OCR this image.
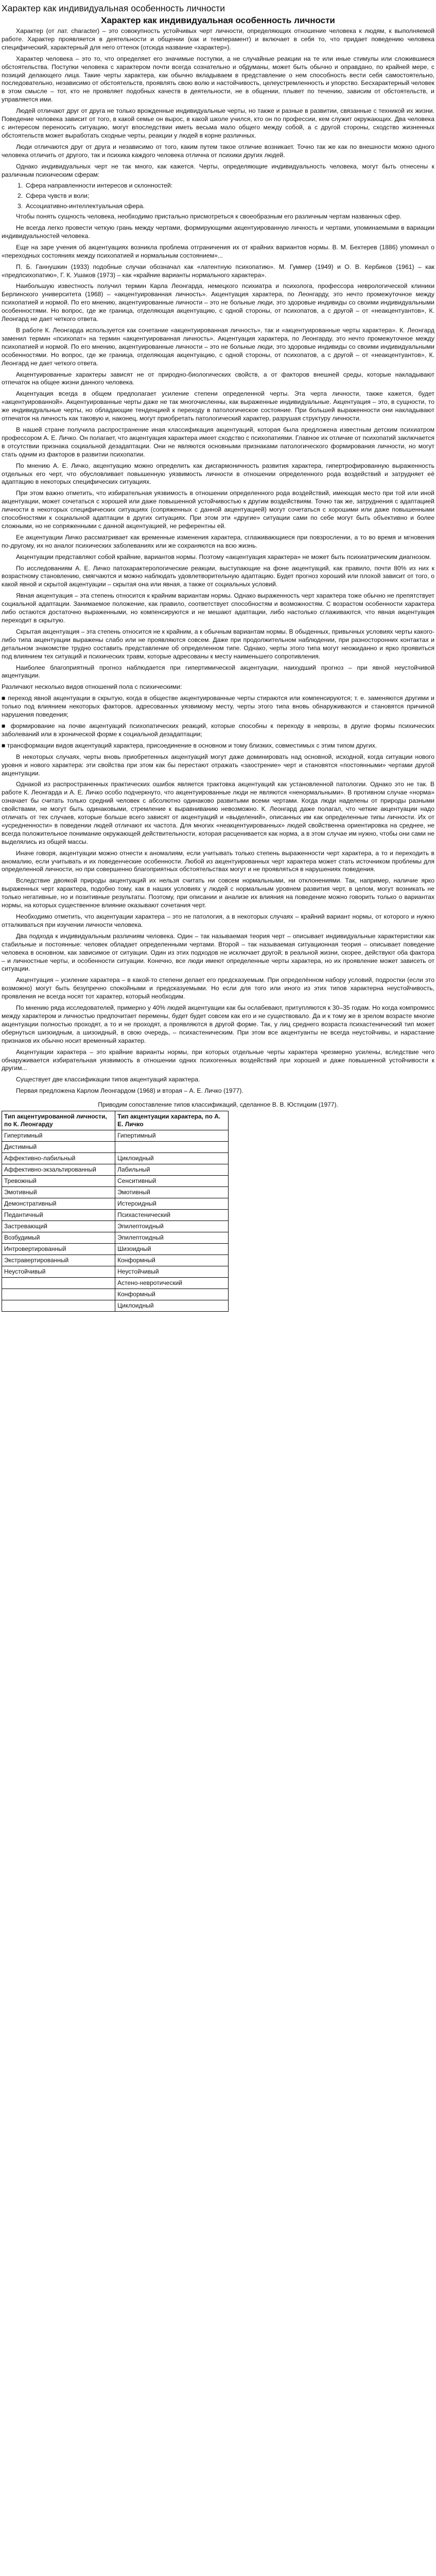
Характер как индивидуальная особенность личности
Характер как индивидуальная особенность личности

Характер (от лат. character) – это совокупность устойчивых черт личности, определяющих отношение человека к людям, к выполняемой работе. Характер проявляется в деятельности и общении (как и темперамент) и включает в себя то, что придает поведению человека специфический, характерный для него оттенок (отсюда название «характер»).

Характер человека – это то, что определяет его значимые поступки, а не случайные реакции на те или иные стимулы или сложившиеся обстоятельства. Поступки человека с характером почти всегда сознательно и обдуманы, может быть обычно и оправдано, по крайней мере, с позиций делающего лица. Такие черты характера, как обычно вкладываем в представление о нем способность вести себя самостоятельно, последовательно, независимо от обстоятельств, проявлять свою волю и настойчивость, целеустремленность и упорство. Бесхарактерный человек в этом смысле – тот, кто не проявляет подобных качеств в деятельности, не в общении, плывет по течению, зависим от обстоятельств, и управляется ими.

Людей отличают друг от друга не только врожденные индивидуальные черты, но также и разные в развитии, связанные с техникой их жизни. Поведение человека зависит от того, в какой семье он вырос, в какой школе учился, кто он по профессии, кем служит окружающих. Два человека с интересом переносить ситуацию, могут впоследствии иметь весьма мало общего между собой, а с другой стороны, сходство жизненных обстоятельств может выработать сходные черты, реакции у людей в корне различных.

Люди отличаются друг от друга и независимо от того, каким путем такое отличие возникает. Точно так же как по внешности можно одного человека отличить от другого, так и психика каждого человека отлична от психики других людей.

Однако индивидуальных черт не так много, как кажется. Черты, определяющие индивидуальность человека, могут быть отнесены к различным психическим сферам:

1. Сфера направленности интересов и склонностей:
2. Сфера чувств и воли;
3. Ассоциативно-интеллектуальная сфера.

Чтобы понять сущность человека, необходимо пристально присмотреться к своеобразным его различным чертам названных сфер.

Не всегда легко провести четкую грань между чертами, формирующими акцентуированную личность и чертами, упоминаемыми в вариации индивидуальностей человека.

Еще на заре учения об акцентуациях возникла проблема отграничения их от крайних вариантов нормы. В. М. Бехтерев (1886) упоминал о «переходных состояниях между психопатией и нормальным состоянием»...

П. Б. Ганнушкин (1933) подобные случаи обозначал как «латентную психопатию». М. Гуммер (1949) и О. В. Кербиков (1961) – как «предпсихопатию», Г. К. Ушаков (1973) – как «крайние варианты нормального характера».

Наибольшую известность получил термин Карла Леонгарда, немецкого психиатра и психолога, профессора неврологической клиники Берлинского университета (1968) – «акцентуированная личность». Акцентуация характера, по Леонгарду, это нечто промежуточное между психопатией и нормой. По его мнению, акцентуированные личности – это не больные люди, это здоровые индивиды со своими индивидуальными особенностями. Но вопрос, где же граница, отделяющая акцентуацию, с одной стороны, от психопатов, а с другой – от «неакцентуантов», К. Леонгард не дает четкого ответа.

В работе К. Леонгарда используется как сочетание «акцентуированная личность», так и «акцентуированные черты характера». К. Леонгард заменил термин «психопат» на термин «акцентуированная личность». Акцентуация характера, по Леонгарду, это нечто промежуточное между психопатией и нормой. По его мнению, акцентуированные личности – это не больные люди, это здоровые индивиды со своими индивидуальными особенностями. Но вопрос, где же граница, отделяющая акцентуацию, с одной стороны, от психопатов, а с другой – от «неакцентуантов», К. Леонгард не дает четкого ответа.

Акцентуированные характеры зависят не от природно-биологических свойств, а от факторов внешней среды, которые накладывают отпечаток на общее жизни данного человека.

Акцентуация всегда в общем предполагает усиление степени определенной черты. Эта черта личности, также кажется, будет «акцентуированной». Акцентуированные черты даже не так многочисленны, как выраженные индивидуальные. Акцентуация – это, в сущности, то же индивидуальные черты, но обладающие тенденцией к переходу в патологическое состояние. При большей выраженности они накладывают отпечаток на личность как таковую и, наконец, могут приобретать патологический характер, разрушая структуру личности.

В нашей стране получила распространение иная классификация акцентуаций, которая была предложена известным детским психиатром профессором А. Е. Личко. Он полагает, что акцентуация характера имеет сходство с психопатиями. Главное их отличие от психопатий заключается в отсутствии признака социальной дезадаптации. Они не являются основными признаками патологического формирования личности, но могут стать одним из факторов в развитии психопатии.

По мнению А. Е. Личко, акцентуацию можно определить как дисгармоничность развития характера, гипертрофированную выраженность отдельных его черт, что обусловливает повышенную уязвимость личности в отношении определенного рода воздействий и затрудняет её адаптацию в некоторых специфических ситуациях.

При этом важно отметить, что избирательная уязвимость в отношении определенного рода воздействий, имеющая место при той или иной акцентуации, может сочетаться с хорошей или даже повышенной устойчивостью к другим воздействиям. Точно так же, затруднения с адаптацией личности в некоторых специфических ситуациях (сопряженных с данной акцентуацией) могут сочетаться с хорошими или даже повышенными способностями к социальной адаптации в других ситуациях. При этом эти «другие» ситуации сами по себе могут быть объективно и более сложными, но не сопряженными с данной акцентуацией, не референтны ей.

Ее акцентуации Личко рассматривает как временные изменения характера, сглаживающиеся при повзрослении, а то во время и мгновения по-другому, их но аналог психических заболеваниях или же сохраняются на всю жизнь.

Акцентуации представляют собой крайние, вариантов нормы. Поэтому «акцентуация характера» не может быть психиатрическим диагнозом.

По исследованиям А. Е. Личко патохарактерологические реакции, выступающие на фоне акцентуаций, как правило, почти 80% из них к возрастному становлению, смягчаются и можно наблюдать удовлетворительную адаптацию. Будет прогноз хороший или плохой зависит от того, о какой явной и скрытой акцентуации – скрытая она или явная, а также от социальных условий.

Явная акцентуация – эта степень относится к крайним вариантам нормы. Однако выраженность черт характера тоже обычно не препятствует социальной адаптации. Занимаемое положение, как правило, соответствует способностям и возможностям. С возрастом особенности характера либо остаются достаточно выраженными, но компенсируются и не мешают адаптации, либо настолько сглаживаются, что явная акцентуация переходит в скрытую.

Скрытая акцентуация – эта степень относится не к крайним, а к обычным вариантам нормы. В обыденных, привычных условиях черты какого-либо типа акцентуации выражены слабо или не проявляются совсем. Даже при продолжительном наблюдении, при разносторонних контактах и детальном знакомстве трудно составить представление об определенном типе. Однако, черты этого типа могут неожиданно и ярко проявиться под влиянием тех ситуаций и психических травм, которые адресованы к месту наименьшего сопротивления.

Наиболее благоприятный прогноз наблюдается при гипертимической акцентуации, наихудший прогноз – при явной неустойчивой акцентуации.

Различают несколько видов отношений пола с психическими:

■ переход явной акцентуации в скрытую, когда в обществе акцентуированные черты стираются или компенсируются; т. е. заменяются другими и только под влиянием некоторых факторов, адресованных уязвимому месту, черты этого типа вновь обнаруживаются и становятся причиной нарушения поведения;

■ формирование на почве акцентуаций психопатических реакций, которые способны к переходу в неврозы, в другие формы психических заболеваний или в хронической форме к социальной дезадаптации;

■ трансформации видов акцентуаций характера, присоединение в основном и тому близких, совместимых с этим типом других.

В некоторых случаях, черты вновь приобретенных акцентуаций могут даже доминировать над основной, исходной, когда ситуации нового уровня и нового характера: эти свойства при этом как бы перестают отражать «заострение» черт и становятся «постоянными» чертами другой акцентуации.

Однакой из распространенных практических ошибок является трактовка акцентуаций как установленной патологии. Однако это не так. В работе К. Леонгарда и А. Е. Личко особо подчеркнуто, что акцентуированные люди не являются «ненормальными». В противном случае «норма» означает бы считать только средний человек с абсолютно одинаково развитыми всеми чертами. Когда люди наделены от природы разными свойствами, не могут быть одинаковыми, стремление к выравниванию невозможно. К. Леонгард даже полагал, что четкие акцентуации надо отличать от тех случаев, которые больше всего зависят от акцентуаций и «выделений», описанных им как определенные типы личности. Их от «усредненности» в поведении людей отличают их частота. Для многих «неакцентуированных» людей свойственна ориентировка на среднее, не всегда положительное понимание окружающей действительности, которая расценивается как норма, а в этом случае им нужно, чтобы они сами не выделялись из общей массы.

Иначе говоря, акцентуации можно отнести к аномалиям, если учитывать только степень выраженности черт характера, а то и переходить в аномалию, если учитывать и их поведенческие особенности. Любой из акцентуированных черт характера может стать источником проблемы для определенной личности, но при совершенно благоприятных обстоятельствах могут и не проявляться в нарушениях поведения.

Вследствие двоякой природы акцентуаций их нельзя считать ни совсем нормальными, ни отклонениями. Так, например, наличие ярко выраженных черт характера, подобно тому, как в наших условиях у людей с нормальным уровнем развития черт, в целом, могут возникать не только негативные, но и позитивные результаты. Поэтому, при описании и анализе их влияния на поведение можно говорить только о вариантах нормы, на которых существенное влияние оказывают сочетания черт.

Необходимо отметить, что акцентуации характера – это не патология, а в некоторых случаях – крайний вариант нормы, от которого и нужно отталкиваться при изучении личности человека.

Два подхода к индивидуальным различиям человека. Один – так называемая теория черт – описывает индивидуальные характеристики как стабильные и постоянные: человек обладает определенными чертами. Второй – так называемая ситуационная теория – описывает поведение человека в основном, как зависимое от ситуации. Один из этих подходов не исключает другой; в реальной жизни, скорее, действуют оба фактора – и личностные черты, и особенности ситуации. Конечно, все люди имеют определенные черты характера, но их проявление может зависеть от ситуации.

Акцентуация – усиление характера – в какой-то степени делает его предсказуемым. При определённом набору условий, подростки (если это возможно) могут быть безупречно спокойными и предсказуемыми. Но если для того или иного из этих типов характерна неустойчивость, проявления не всегда носят тот характер, который необходим.

По мнению ряда исследователей, примерно у 40% людей акцентуации как бы ослабевают, притупляются к 30–35 годам. Но когда компромисс между характером и личностью предпочитает перемены, будет будет совсем как его и не существовало. Да и к тому же в зрелом возрасте многие акцентуации полностью проходят, а то и не проходят, а проявляются в другой форме. Так, у лиц среднего возраста психастенический тип может обернуться шизоидным, а шизоидный, в свою очередь, – психастеническим. При этом все акцентуанты не всегда неустойчивы, и нарастание признаков их обычно носит временный характер.

Акцентуации характера – это крайние варианты нормы, при которых отдельные черты характера чрезмерно усилены, вследствие чего обнаруживается избирательная уязвимость в отношении одних психогенных воздействий при хорошей и даже повышенной устойчивости к другим...

Существует две классификации типов акцентуаций характера.

Первая предложена Карлом Леонгардом (1968) и вторая – А. Е. Личко (1977).

Приводим сопоставление типов классификаций, сделанное В. В. Юстицким (1977).
Тип акцентуированной личности, по К. Леонгарду	Тип акцентуации характера, по А. Е. Личко
Гипертимный	Гипертимный
Дистимный	
Аффективно-лабильный	Циклоидный
Аффективно-экзальтированный	Лабильный
Тревожный	Сенситивный
Эмотивный	Эмотивный
Демонстративный	Истероидный
Педантичный	Психастенический
Застревающий	Эпилептоидный
Возбудимый	Эпилептоидный
Интровертированный	Шизоидный
Экстравертированный	Конформный
Неустойчивый	Неустойчивый
	Астено-невротический
	Конформный
	Циклоидный
